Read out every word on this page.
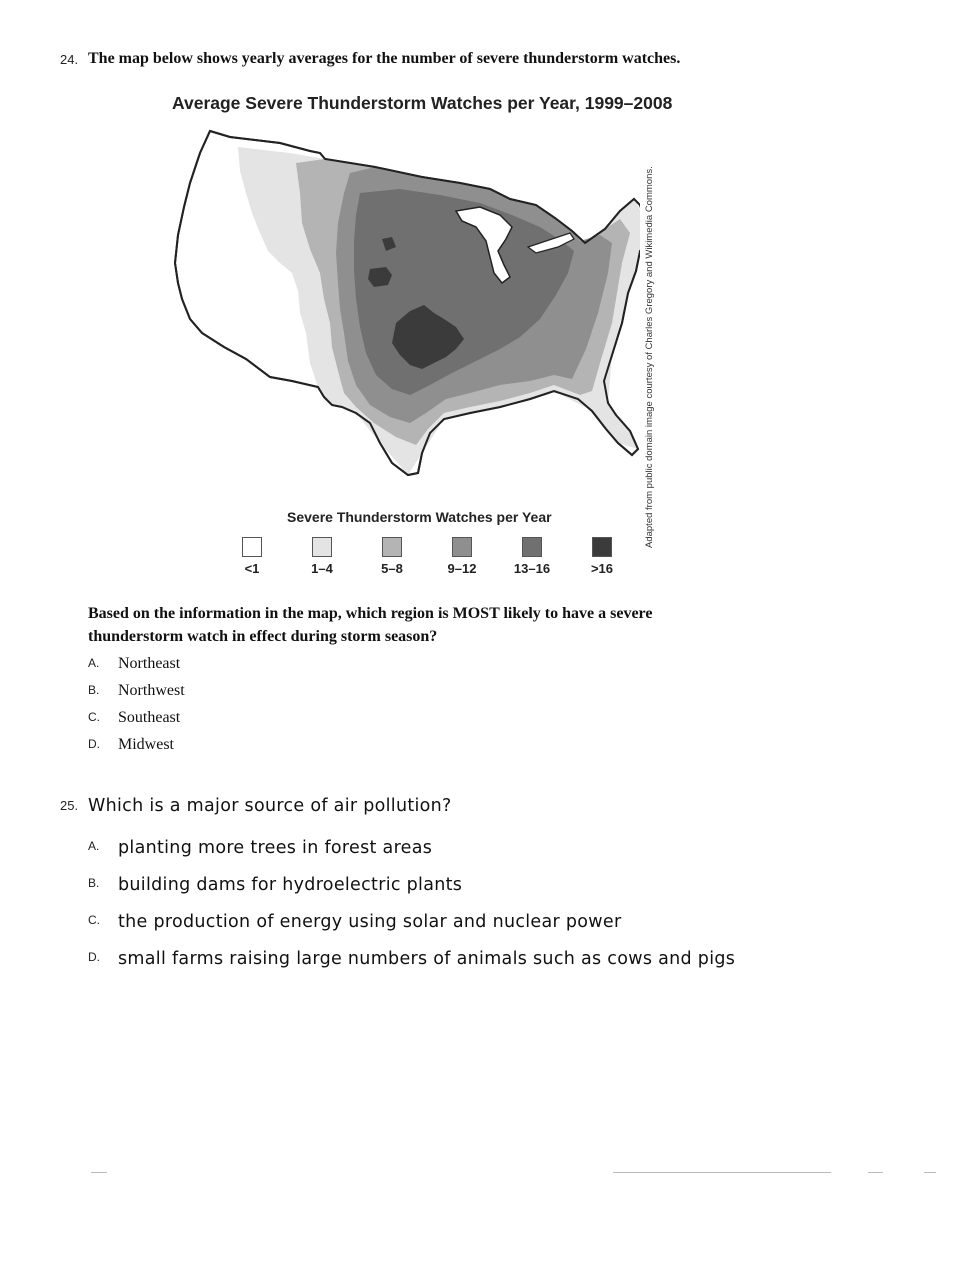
24. The map below shows yearly averages for the number of severe thunderstorm watches.
Average Severe Thunderstorm Watches per Year, 1999–2008
Adapted from public domain image courtesy of Charles Gregory and Wikimedia Commons.
Severe Thunderstorm Watches per Year
<1	1–4	5–8	9–12	13–16	>16
Based on the information in the map, which region is MOST likely to have a severe thunderstorm watch in effect during storm season?
A. Northeast
B. Northwest
C. Southeast
D. Midwest
25. Which is a major source of air pollution?
A. planting more trees in forest areas
B. building dams for hydroelectric plants
C. the production of energy using solar and nuclear power
D. small farms raising large numbers of animals such as cows and pigs
